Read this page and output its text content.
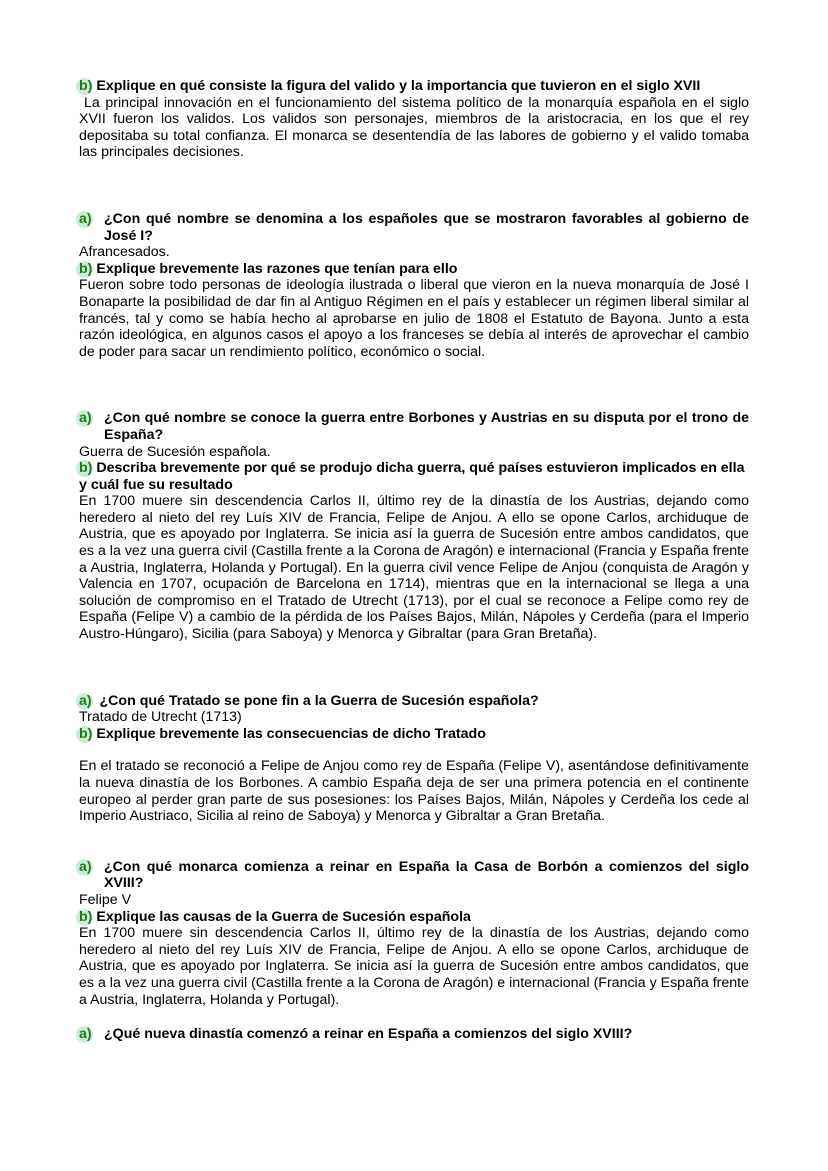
b) Explique en qué consiste la figura del valido y la importancia que tuvieron en el siglo XVII

La principal innovación en el funcionamiento del sistema político de la monarquía española en el siglo XVII fueron los validos. Los validos son personajes, miembros de la aristocracia, en los que el rey depositaba su total confianza. El monarca se desentendía de las labores de gobierno y el valido tomaba las principales decisiones.

a) ¿Con qué nombre se denomina a los españoles que se mostraron favorables al gobierno de José I?

Afrancesados.

b) Explique brevemente las razones que tenían para ello

Fueron sobre todo personas de ideología ilustrada o liberal que vieron en la nueva monarquía de José I Bonaparte la posibilidad de dar fin al Antiguo Régimen en el país y establecer un régimen liberal similar al francés, tal y como se había hecho al aprobarse en julio de 1808 el Estatuto de Bayona. Junto a esta razón ideológica, en algunos casos el apoyo a los franceses se debía al interés de aprovechar el cambio de poder para sacar un rendimiento político, económico o social.

a) ¿Con qué nombre se conoce la guerra entre Borbones y Austrias en su disputa por el trono de España?

Guerra de Sucesión española.

b) Describa brevemente por qué se produjo dicha guerra, qué países estuvieron implicados en ella y cuál fue su resultado

En 1700 muere sin descendencia Carlos II, último rey de la dinastía de los Austrias, dejando como heredero al nieto del rey Luís XIV de Francia, Felipe de Anjou. A ello se opone Carlos, archiduque de Austria, que es apoyado por Inglaterra. Se inicia así la guerra de Sucesión entre ambos candidatos, que es a la vez una guerra civil (Castilla frente a la Corona de Aragón) e internacional (Francia y España frente a Austria, Inglaterra, Holanda y Portugal). En la guerra civil vence Felipe de Anjou (conquista de Aragón y Valencia en 1707, ocupación de Barcelona en 1714), mientras que en la internacional se llega a una solución de compromiso en el Tratado de Utrecht (1713), por el cual se reconoce a Felipe como rey de España (Felipe V) a cambio de la pérdida de los Países Bajos, Milán, Nápoles y Cerdeña (para el Imperio Austro-Húngaro), Sicilia (para Saboya) y Menorca y Gibraltar (para Gran Bretaña).

a) ¿Con qué Tratado se pone fin a la Guerra de Sucesión española?

Tratado de Utrecht (1713)

b) Explique brevemente las consecuencias de dicho Tratado

En el tratado se reconoció a Felipe de Anjou como rey de España (Felipe V), asentándose definitivamente la nueva dinastía de los Borbones. A cambio España deja de ser una primera potencia en el continente europeo al perder gran parte de sus posesiones: los Países Bajos, Milán, Nápoles y Cerdeña los cede al Imperio Austriaco, Sicilia al reino de Saboya) y Menorca y Gibraltar a Gran Bretaña.

a) ¿Con qué monarca comienza a reinar en España la Casa de Borbón a comienzos del siglo XVIII?

Felipe V

b) Explique las causas de la Guerra de Sucesión española

En 1700 muere sin descendencia Carlos II, último rey de la dinastía de los Austrias, dejando como heredero al nieto del rey Luís XIV de Francia, Felipe de Anjou. A ello se opone Carlos, archiduque de Austria, que es apoyado por Inglaterra. Se inicia así la guerra de Sucesión entre ambos candidatos, que es a la vez una guerra civil (Castilla frente a la Corona de Aragón) e internacional (Francia y España frente a Austria, Inglaterra, Holanda y Portugal).

a) ¿Qué nueva dinastía comenzó a reinar en España a comienzos del siglo XVIII?
